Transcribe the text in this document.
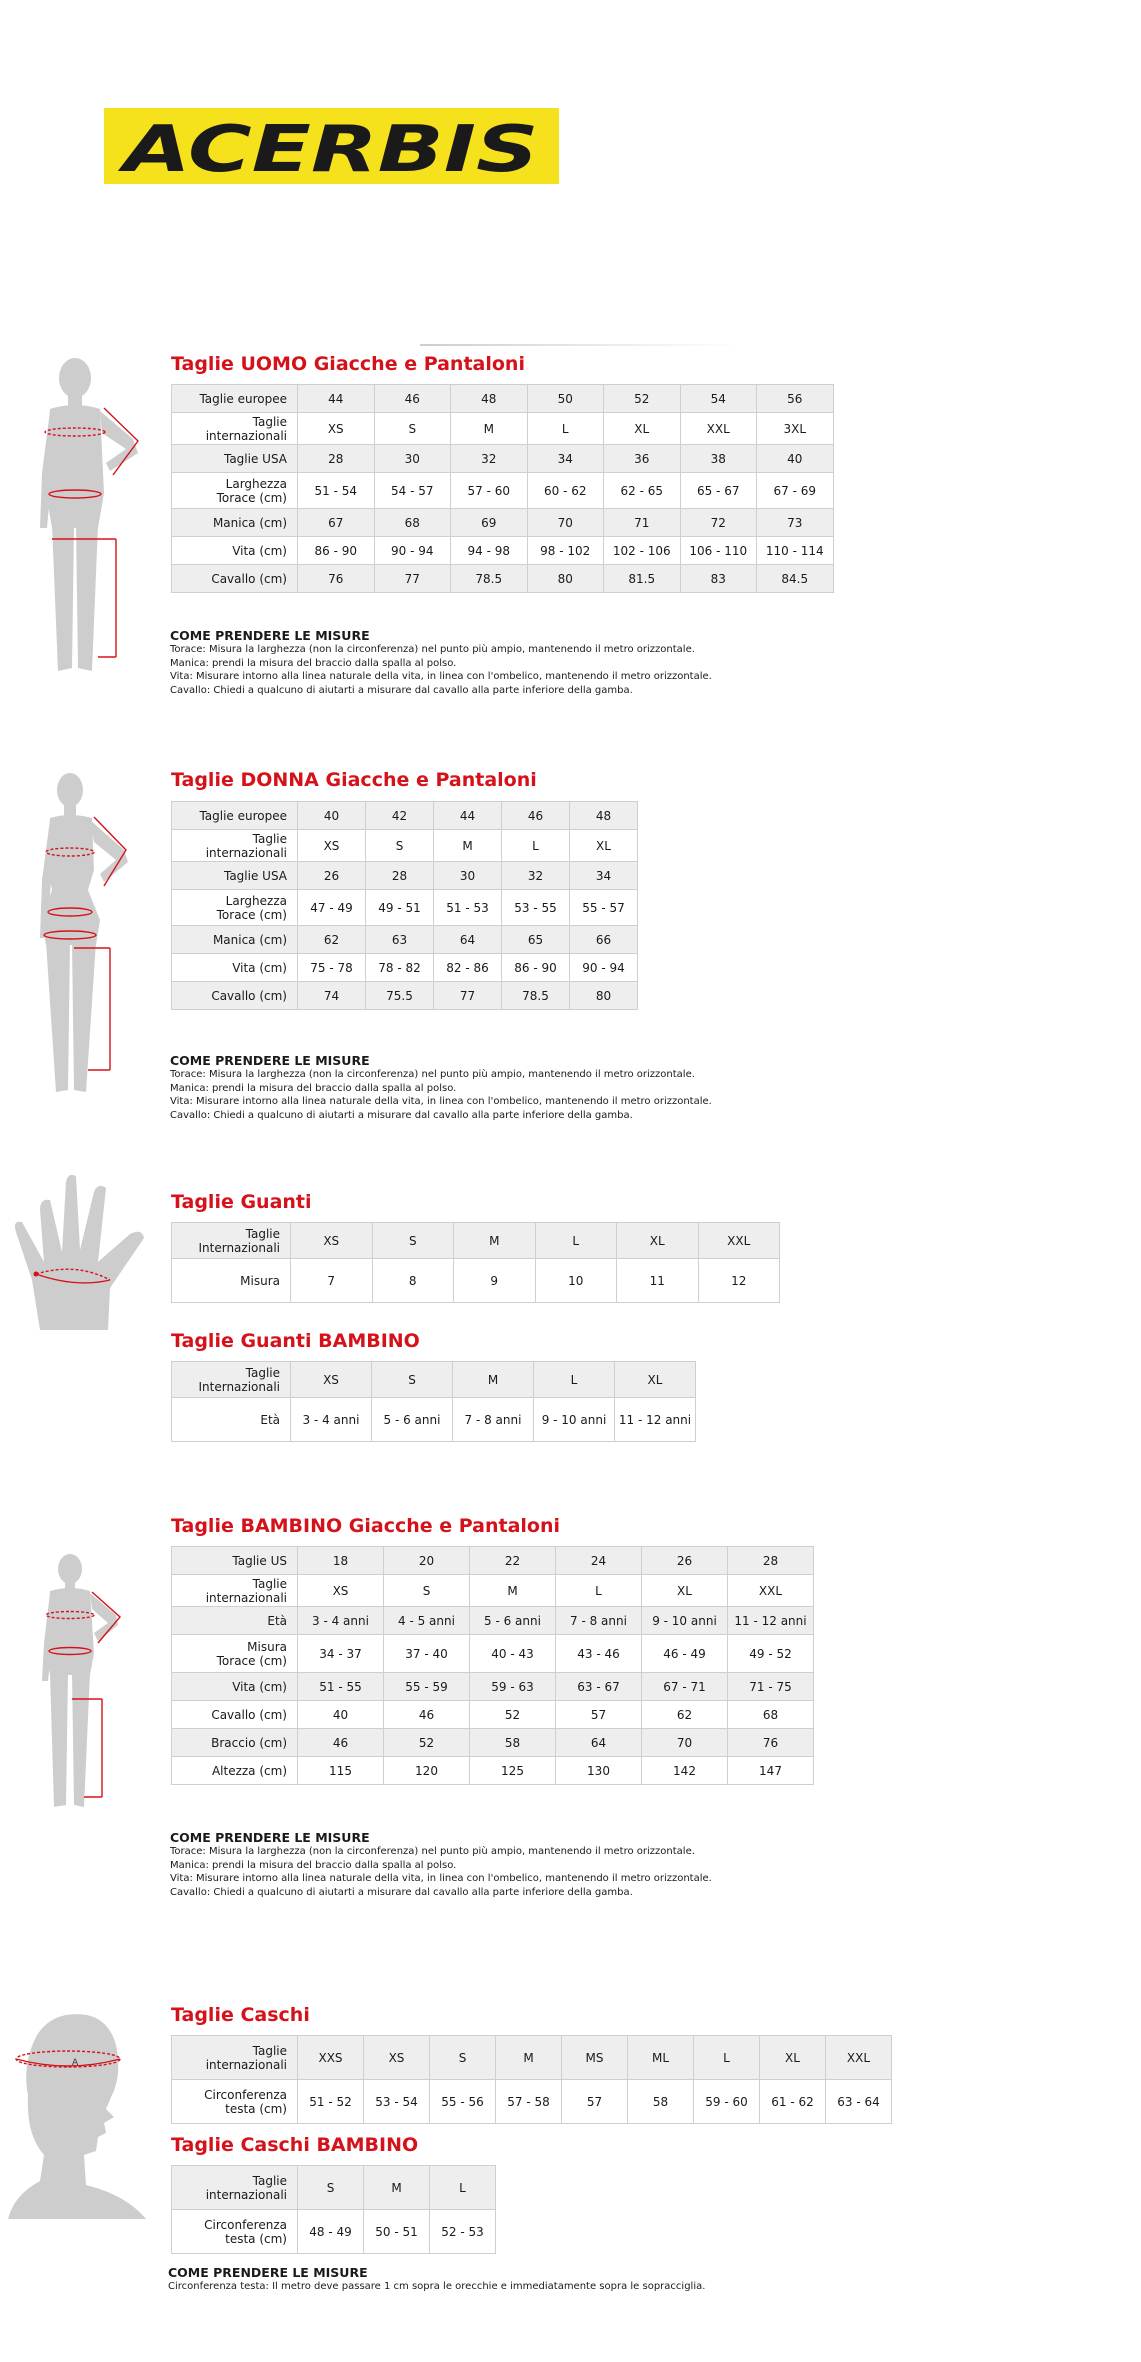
ACERBIS
Taglie UOMO Giacche e Pantaloni
Taglie europee	44	46	48	50	52	54	56
Taglie
internazionali	XS	S	M	L	XL	XXL	3XL
Taglie USA	28	30	32	34	36	38	40
Larghezza
Torace (cm)	51 - 54	54 - 57	57 - 60	60 - 62	62 - 65	65 - 67	67 - 69
Manica (cm)	67	68	69	70	71	72	73
Vita (cm)	86 - 90	90 - 94	94 - 98	98 - 102	102 - 106	106 - 110	110 - 114
Cavallo (cm)	76	77	78.5	80	81.5	83	84.5
COME PRENDERE LE MISURE
Torace: Misura la larghezza (non la circonferenza) nel punto più ampio, mantenendo il metro orizzontale.
Manica: prendi la misura del braccio dalla spalla al polso.
Vita: Misurare intorno alla linea naturale della vita, in linea con l'ombelico, mantenendo il metro orizzontale.
Cavallo: Chiedi a qualcuno di aiutarti a misurare dal cavallo alla parte inferiore della gamba.
Taglie DONNA Giacche e Pantaloni
Taglie europee	40	42	44	46	48
Taglie
internazionali	XS	S	M	L	XL
Taglie USA	26	28	30	32	34
Larghezza
Torace (cm)	47 - 49	49 - 51	51 - 53	53 - 55	55 - 57
Manica (cm)	62	63	64	65	66
Vita (cm)	75 - 78	78 - 82	82 - 86	86 - 90	90 - 94
Cavallo (cm)	74	75.5	77	78.5	80
COME PRENDERE LE MISURE
Torace: Misura la larghezza (non la circonferenza) nel punto più ampio, mantenendo il metro orizzontale.
Manica: prendi la misura del braccio dalla spalla al polso.
Vita: Misurare intorno alla linea naturale della vita, in linea con l'ombelico, mantenendo il metro orizzontale.
Cavallo: Chiedi a qualcuno di aiutarti a misurare dal cavallo alla parte inferiore della gamba.
Taglie Guanti
Taglie
Internazionali	XS	S	M	L	XL	XXL
Misura	7	8	9	10	11	12
Taglie Guanti BAMBINO
Taglie
Internazionali	XS	S	M	L	XL
Età	3 - 4 anni	5 - 6 anni	7 - 8 anni	9 - 10 anni	11 - 12 anni
Taglie BAMBINO Giacche e Pantaloni
Taglie US	18	20	22	24	26	28
Taglie
internazionali	XS	S	M	L	XL	XXL
Età	3 - 4 anni	4 - 5 anni	5 - 6 anni	7 - 8 anni	9 - 10 anni	11 - 12 anni
Misura
Torace (cm)	34 - 37	37 - 40	40 - 43	43 - 46	46 - 49	49 - 52
Vita (cm)	51 - 55	55 - 59	59 - 63	63 - 67	67 - 71	71 - 75
Cavallo (cm)	40	46	52	57	62	68
Braccio (cm)	46	52	58	64	70	76
Altezza (cm)	115	120	125	130	142	147
COME PRENDERE LE MISURE
Torace: Misura la larghezza (non la circonferenza) nel punto più ampio, mantenendo il metro orizzontale.
Manica: prendi la misura del braccio dalla spalla al polso.
Vita: Misurare intorno alla linea naturale della vita, in linea con l'ombelico, mantenendo il metro orizzontale.
Cavallo: Chiedi a qualcuno di aiutarti a misurare dal cavallo alla parte inferiore della gamba.
A
Taglie Caschi
Taglie
internazionali	XXS	XS	S	M	MS	ML	L	XL	XXL
Circonferenza
testa (cm)	51 - 52	53 - 54	55 - 56	57 - 58	57	58	59 - 60	61 - 62	63 - 64
Taglie Caschi BAMBINO
Taglie
internazionali	S	M	L
Circonferenza
testa (cm)	48 - 49	50 - 51	52 - 53
COME PRENDERE LE MISURE
Circonferenza testa: Il metro deve passare 1 cm sopra le orecchie e immediatamente sopra le sopracciglia.
